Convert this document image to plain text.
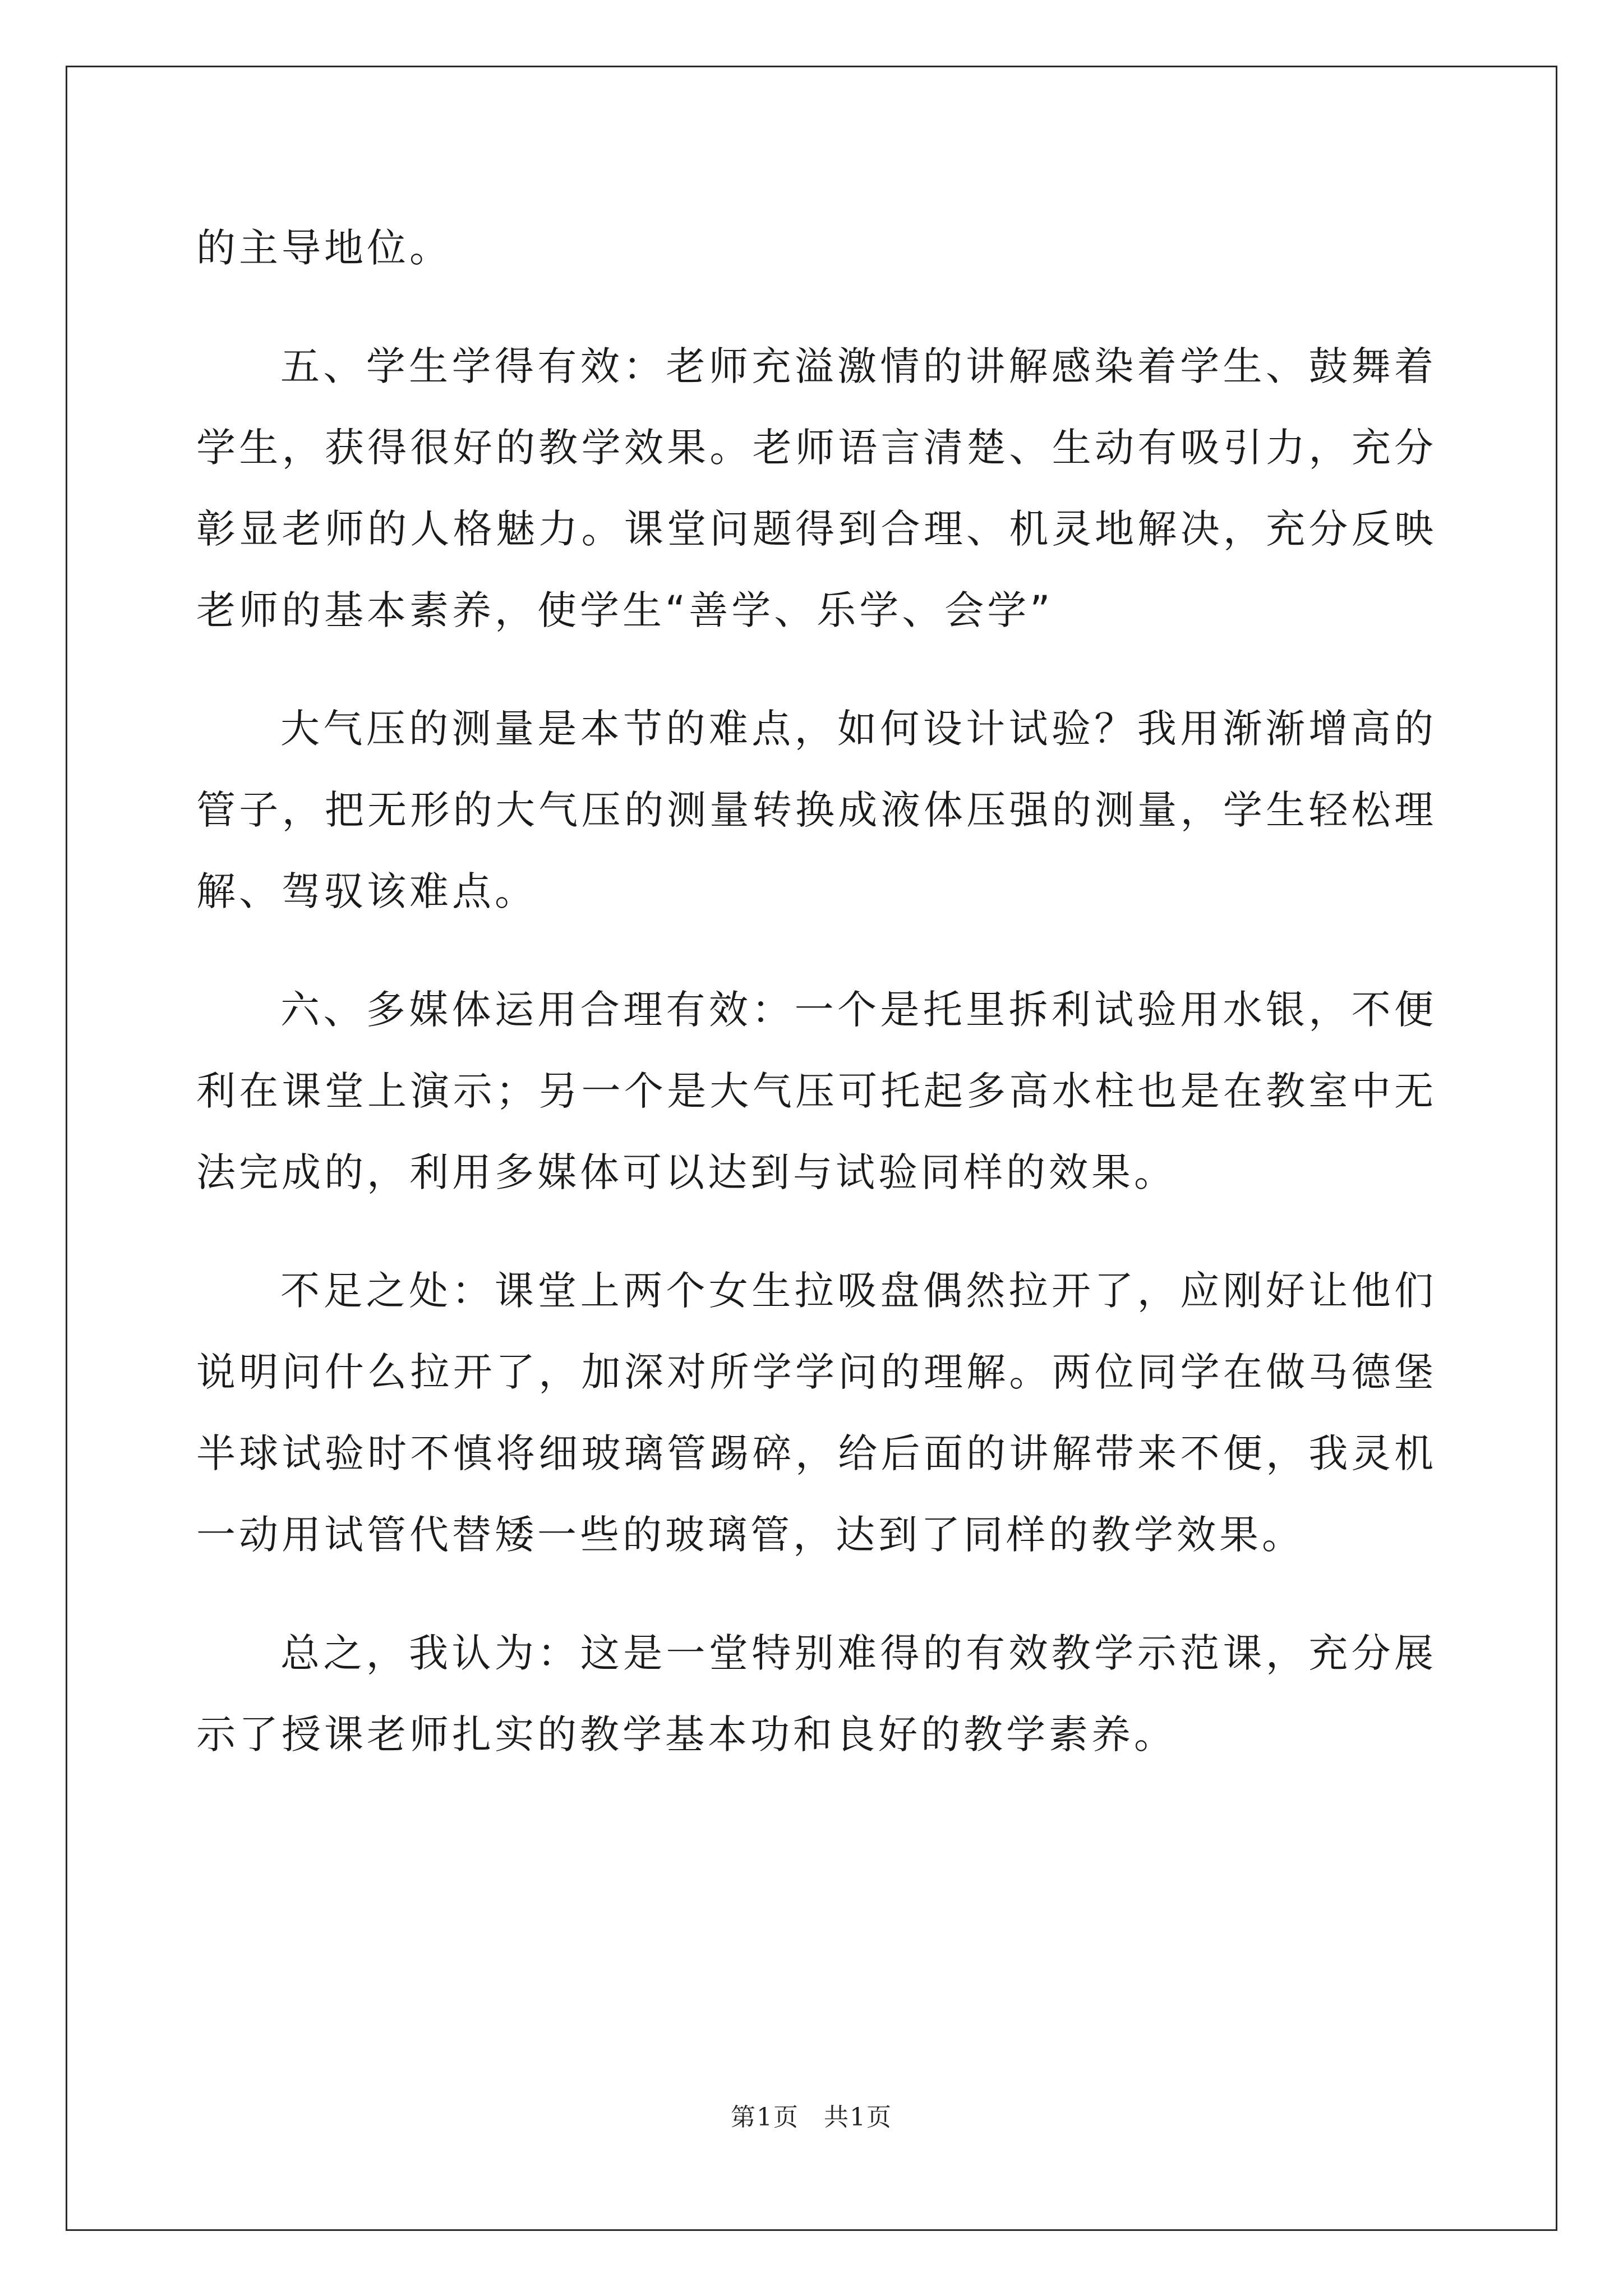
的主导地位。

五、学生学得有效：老师充溢激情的讲解感染着学生、鼓舞着学生，获得很好的教学效果。老师语言清楚、生动有吸引力，充分彰显老师的人格魅力。课堂问题得到合理、机灵地解决，充分反映老师的基本素养，使学生“善学、乐学、会学”

大气压的测量是本节的难点，如何设计试验？我用渐渐增高的管子，把无形的大气压的测量转换成液体压强的测量，学生轻松理解、驾驭该难点。

六、多媒体运用合理有效：一个是托里拆利试验用水银，不便利在课堂上演示；另一个是大气压可托起多高水柱也是在教室中无法完成的，利用多媒体可以达到与试验同样的效果。

不足之处：课堂上两个女生拉吸盘偶然拉开了，应刚好让他们说明问什么拉开了，加深对所学学问的理解。两位同学在做马德堡半球试验时不慎将细玻璃管踢碎，给后面的讲解带来不便，我灵机一动用试管代替矮一些的玻璃管，达到了同样的教学效果。

总之，我认为：这是一堂特别难得的有效教学示范课，充分展示了授课老师扎实的教学基本功和良好的教学素养。

第1页 共1页
